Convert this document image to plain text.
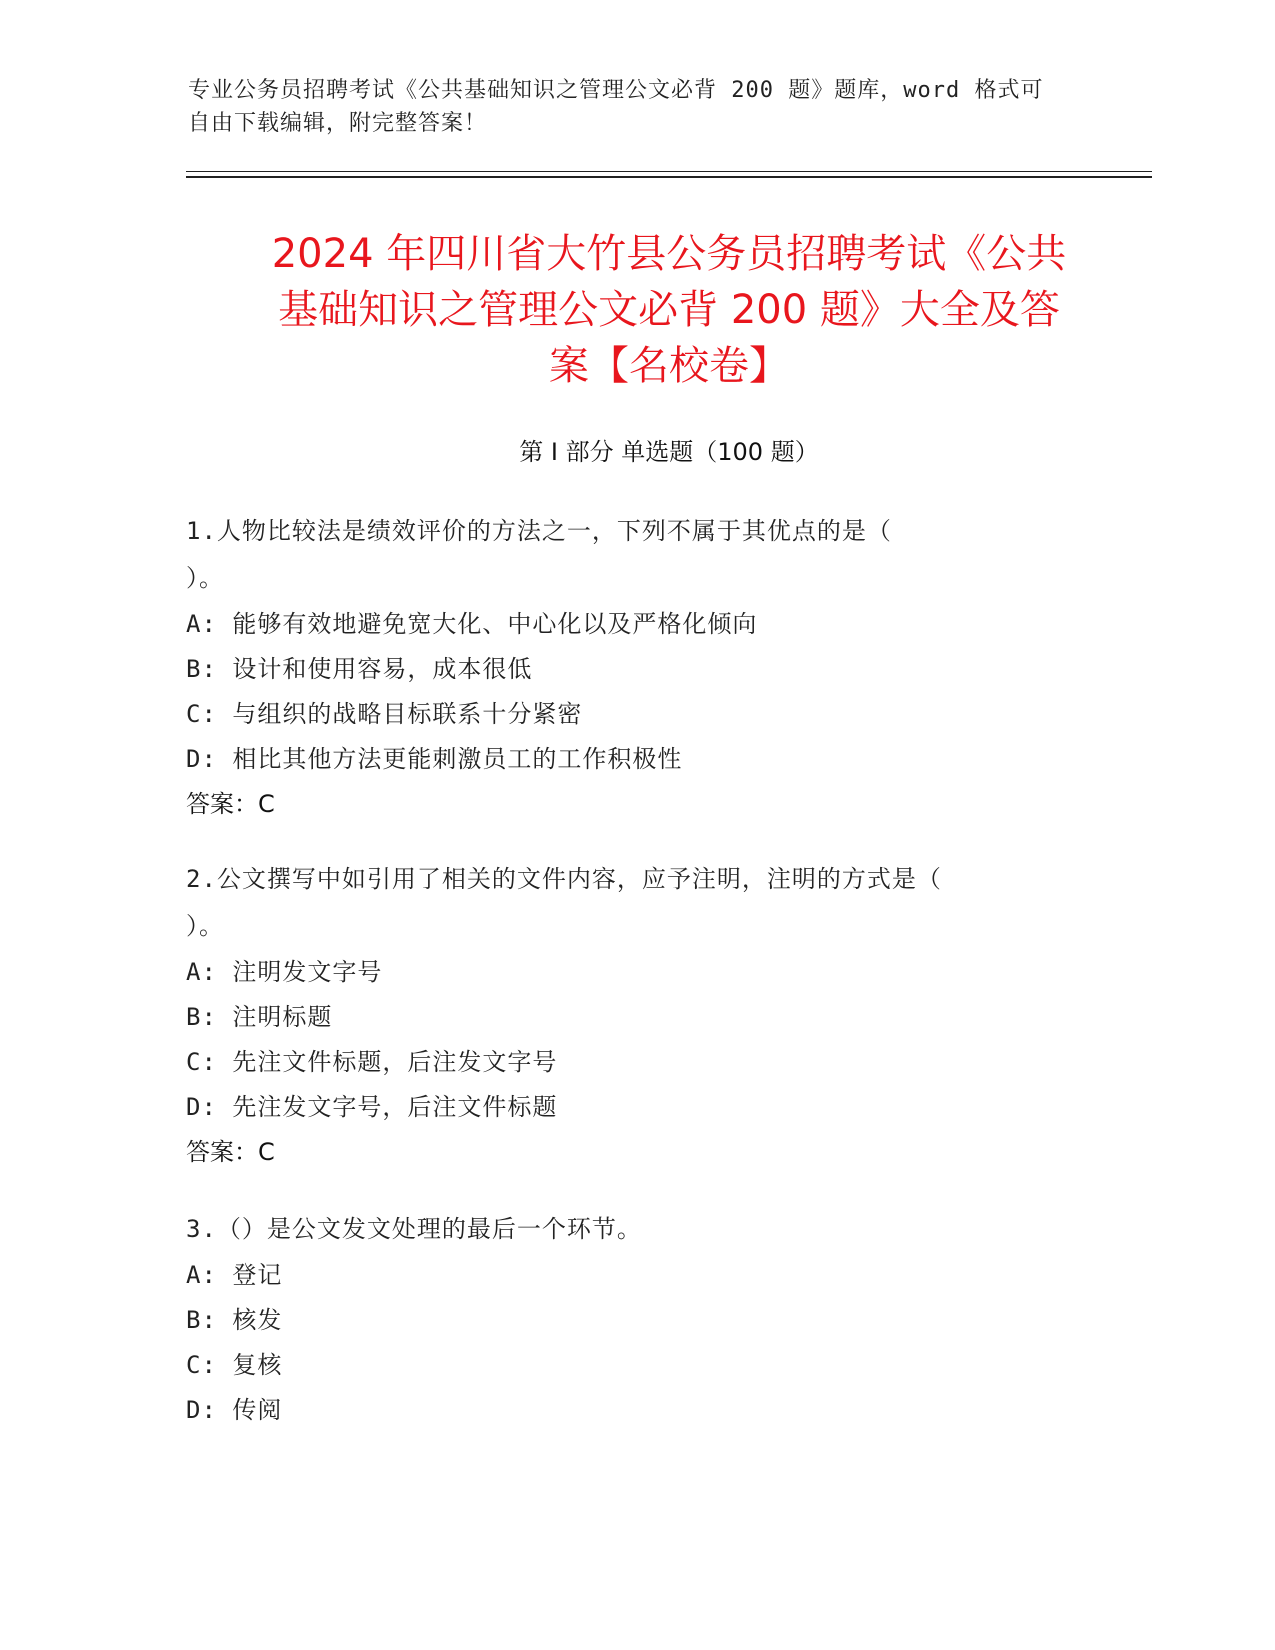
专业公务员招聘考试《公共基础知识之管理公文必背 200 题》题库，word 格式可
自由下载编辑，附完整答案！
2024 年四川省大竹县公务员招聘考试《公共
基础知识之管理公文必背 200 题》大全及答
案【名校卷】
第 I 部分 单选题（100 题）
1.人物比较法是绩效评价的方法之一，下列不属于其优点的是（
）。
A: 能够有效地避免宽大化、中心化以及严格化倾向
B: 设计和使用容易，成本很低
C: 与组织的战略目标联系十分紧密
D: 相比其他方法更能刺激员工的工作积极性
答案：C
2.公文撰写中如引用了相关的文件内容，应予注明，注明的方式是（
）。
A: 注明发文字号
B: 注明标题
C: 先注文件标题，后注发文字号
D: 先注发文字号，后注文件标题
答案：C
3.（）是公文发文处理的最后一个环节。
A: 登记
B: 核发
C: 复核
D: 传阅
